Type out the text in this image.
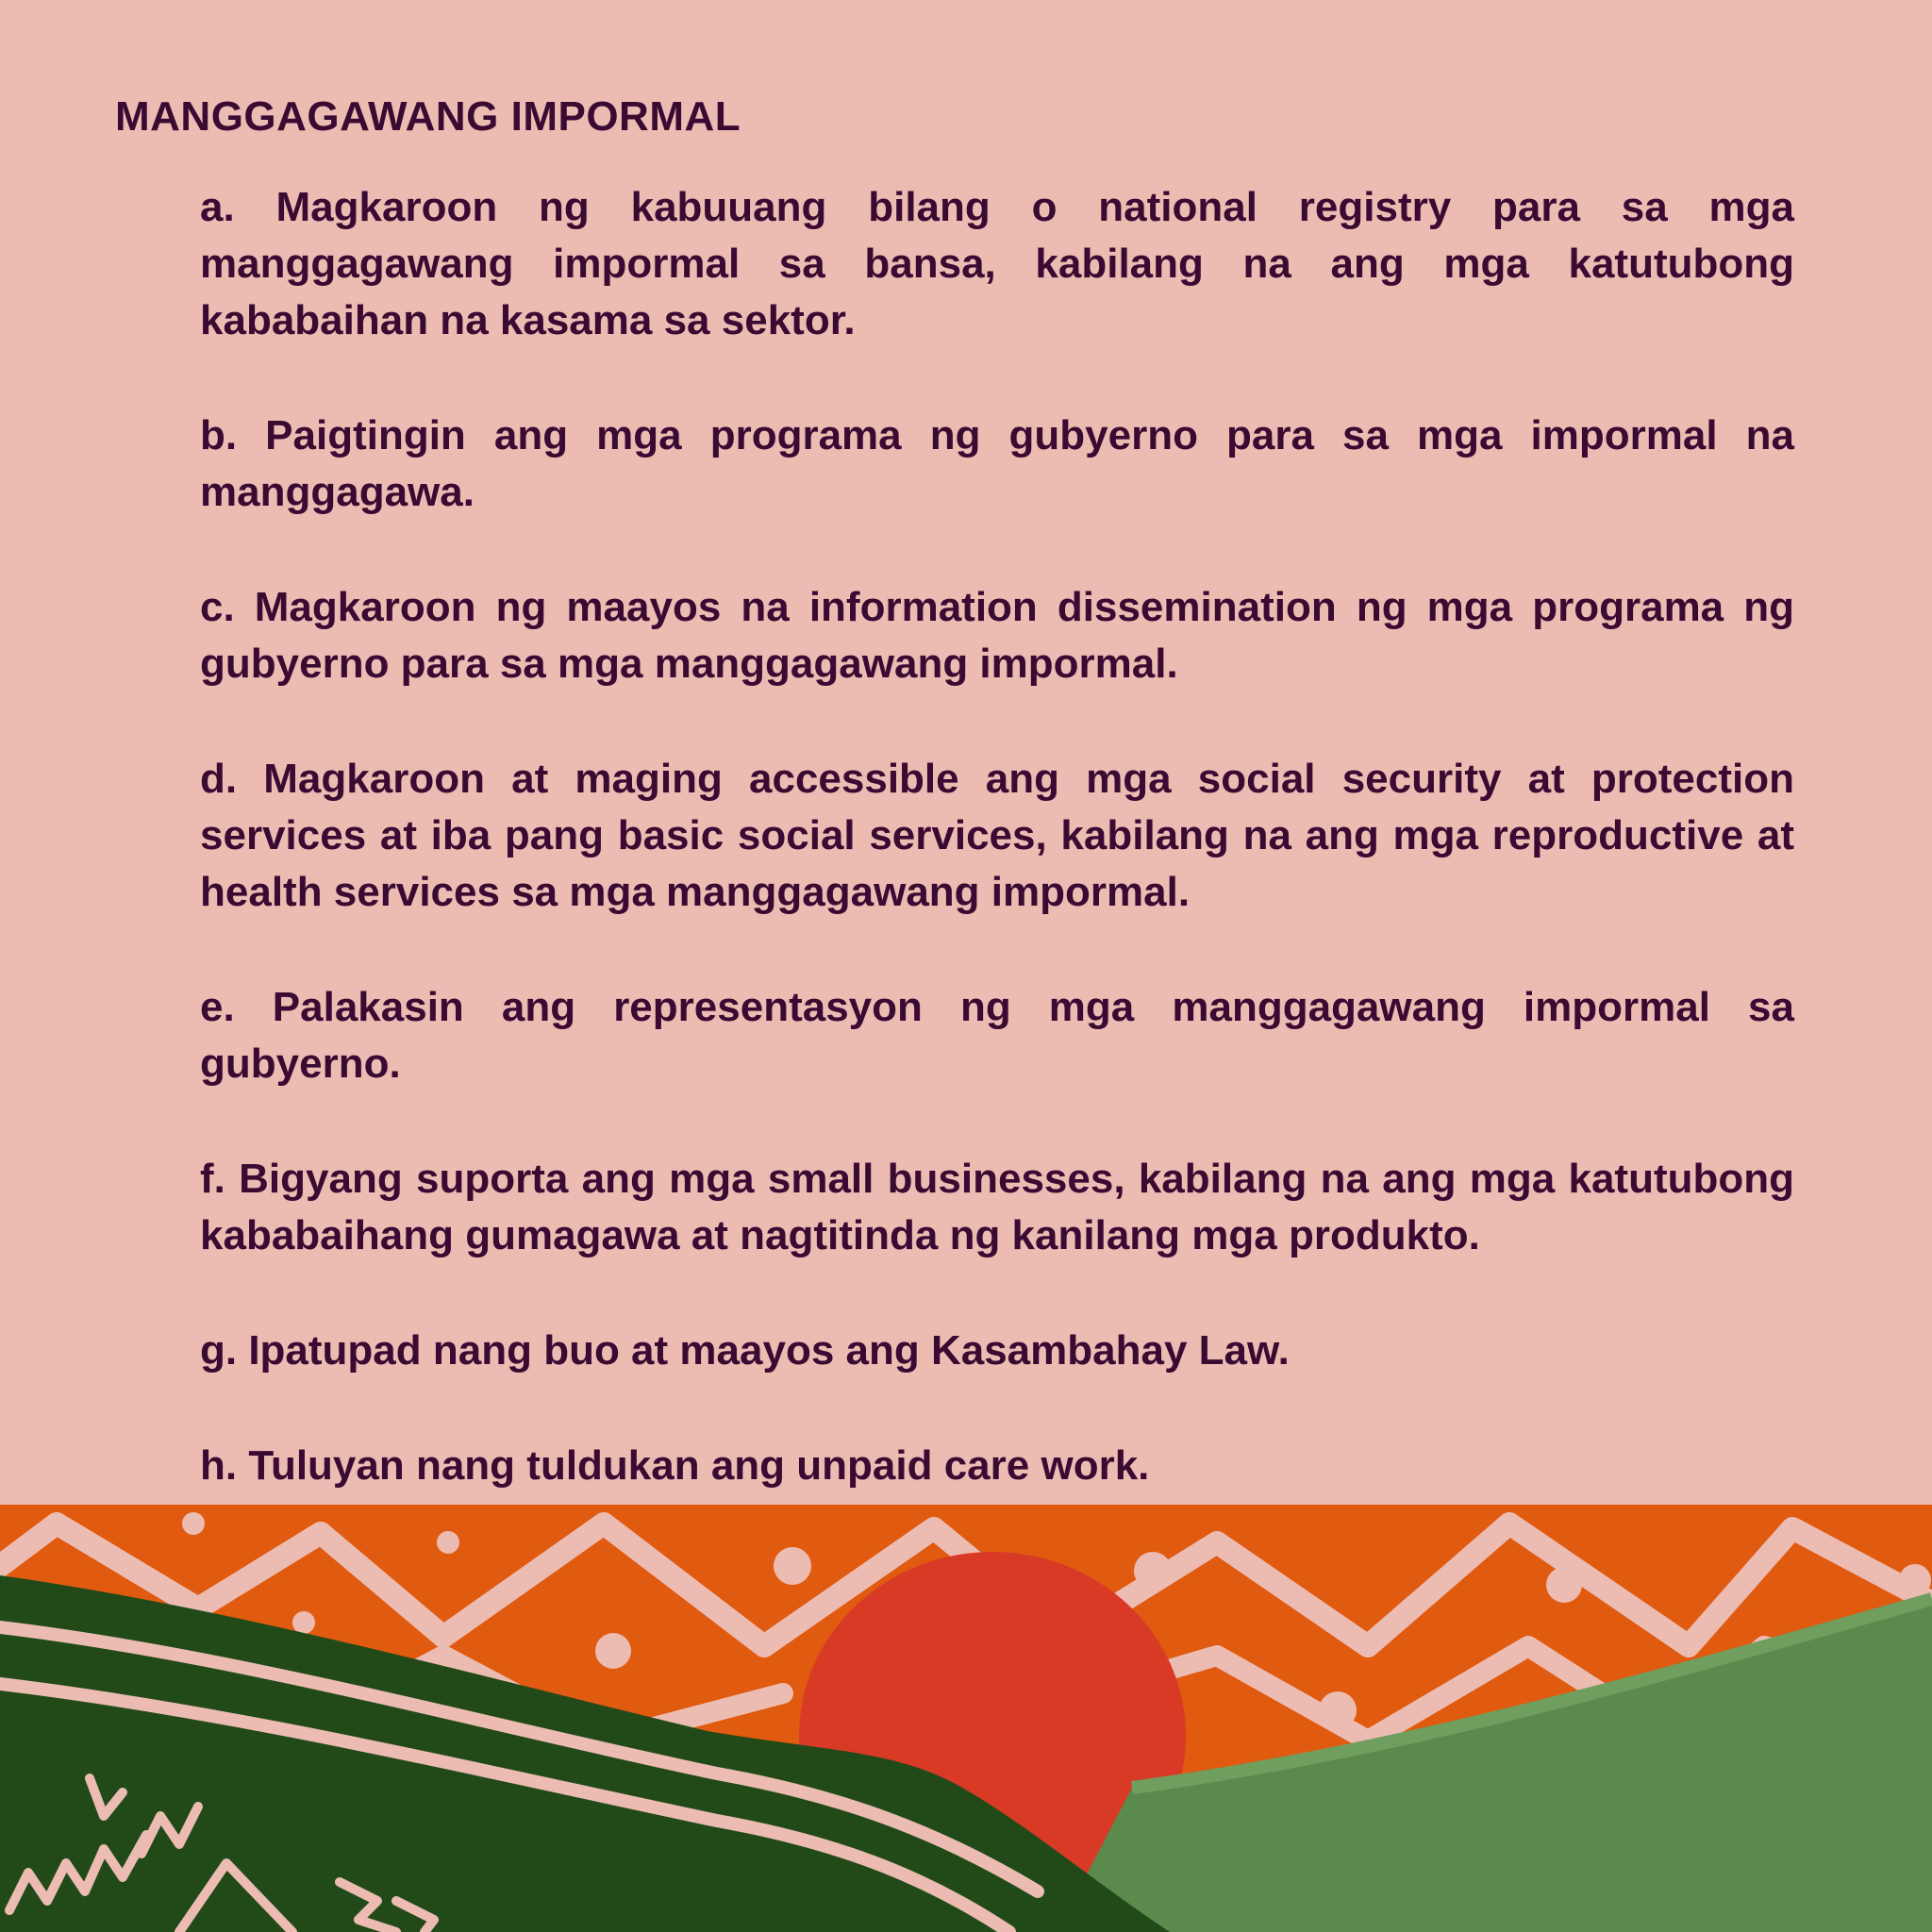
MANGGAGAWANG IMPORMAL
a. Magkaroon ng kabuuang bilang o national registry para sa mga manggagawang impormal sa bansa, kabilang na ang mga katutubong kababaihan na kasama sa sektor.
b. Paigtingin ang mga programa ng gubyerno para sa mga impormal na manggagawa.
c. Magkaroon ng maayos na information dissemination ng mga programa ng gubyerno para sa mga manggagawang impormal.
d. Magkaroon at maging accessible ang mga social security at protection services at iba pang basic social services, kabilang na ang mga reproductive at health services sa mga manggagawang impormal.
e. Palakasin ang representasyon ng mga manggagawang impormal sa gubyerno.
f. Bigyang suporta ang mga small businesses, kabilang na ang mga katutubong kababaihang gumagawa at nagtitinda ng kanilang mga produkto.
g. Ipatupad nang buo at maayos ang Kasambahay Law.
h. Tuluyan nang tuldukan ang unpaid care work.
